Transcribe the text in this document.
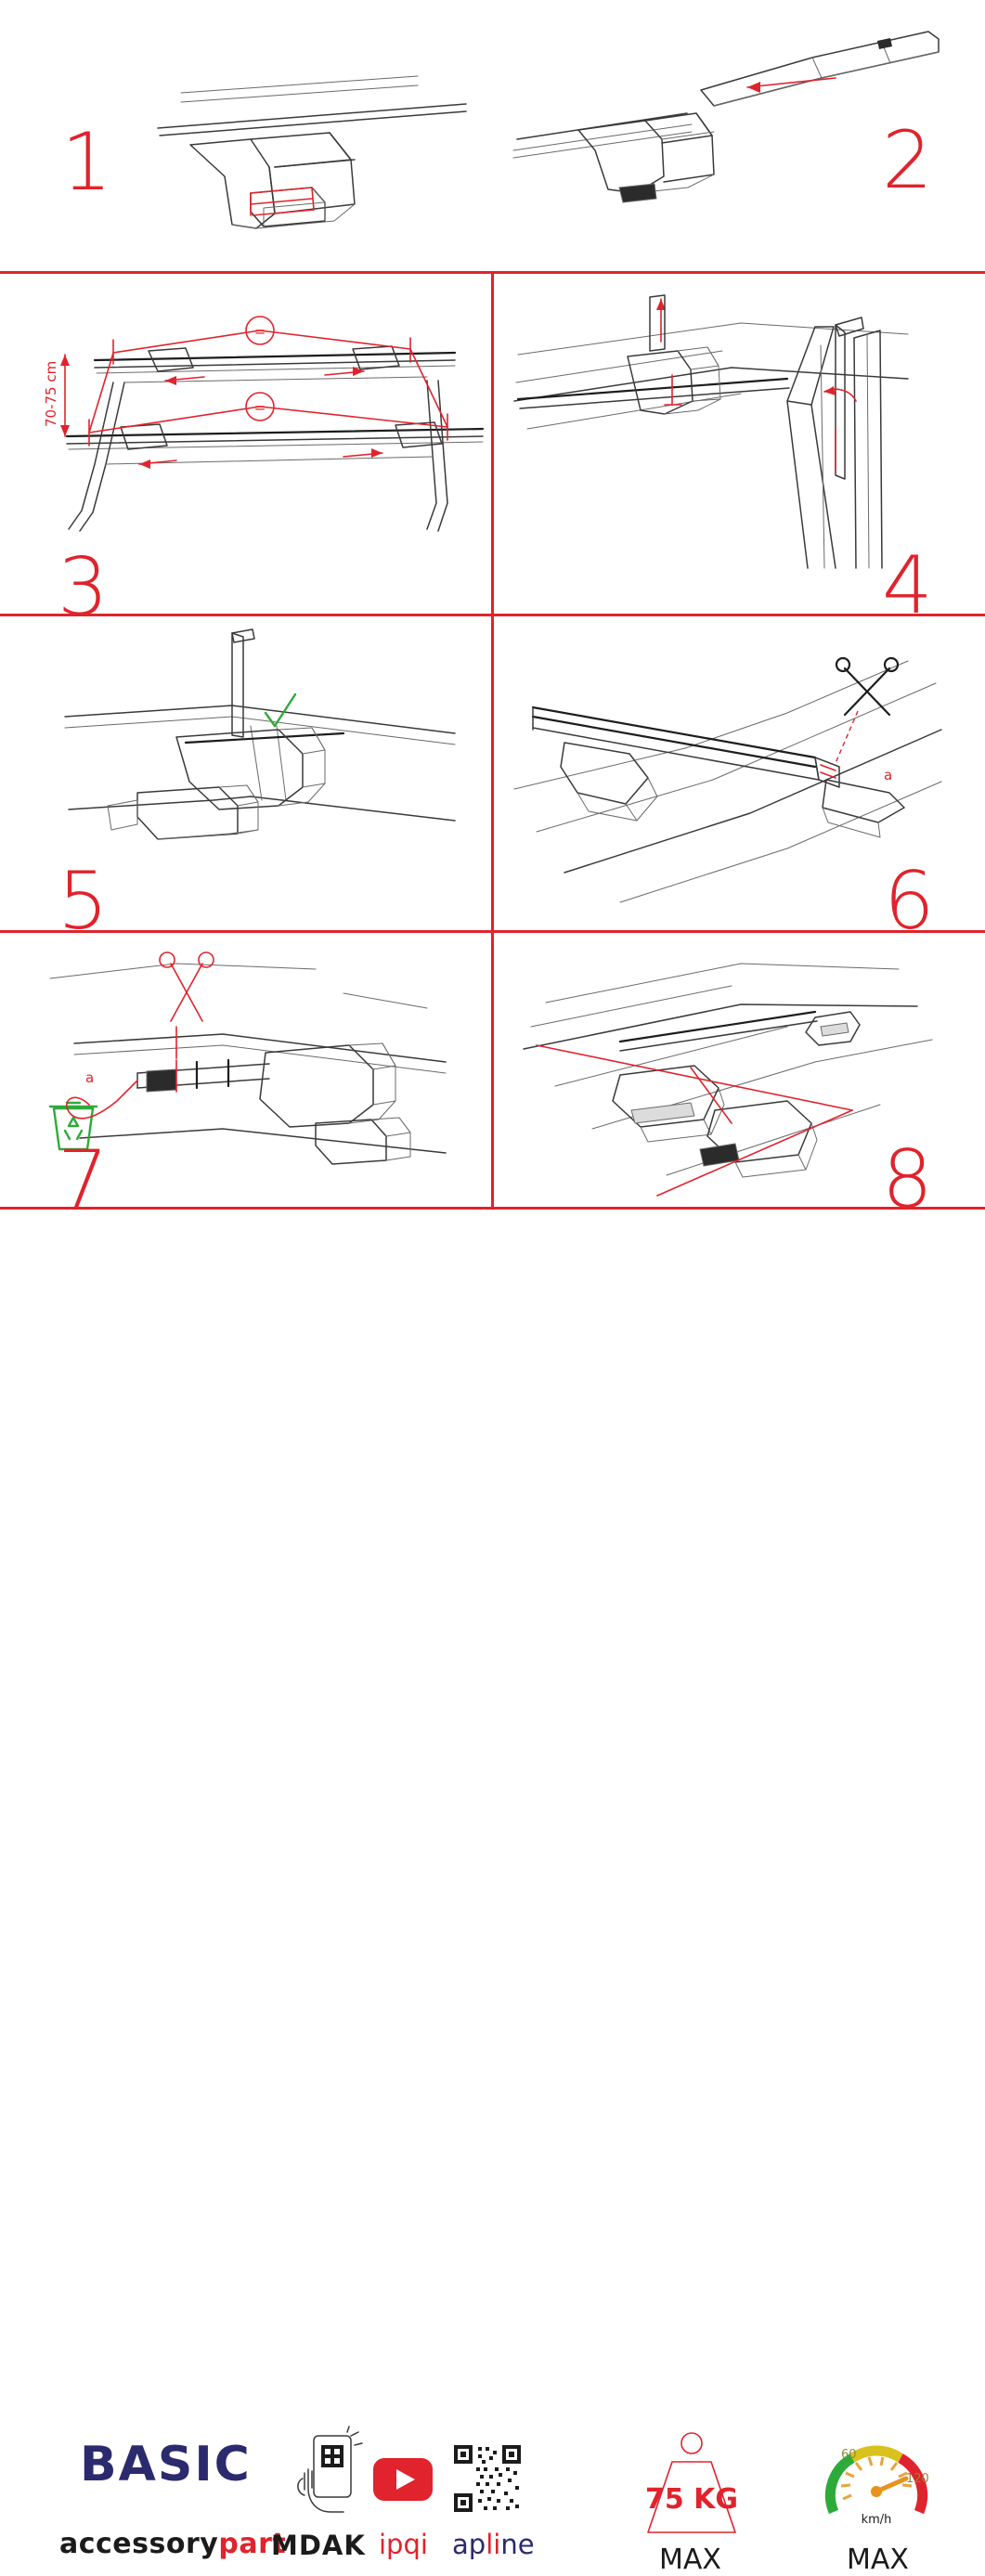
1	2
70-75 cm
=
=
3	4
5
a
6
a
7	8
BASIC
accessorypart
MDAK ipqi apline
75 KG
MAX
60
120
km/h
MAX
